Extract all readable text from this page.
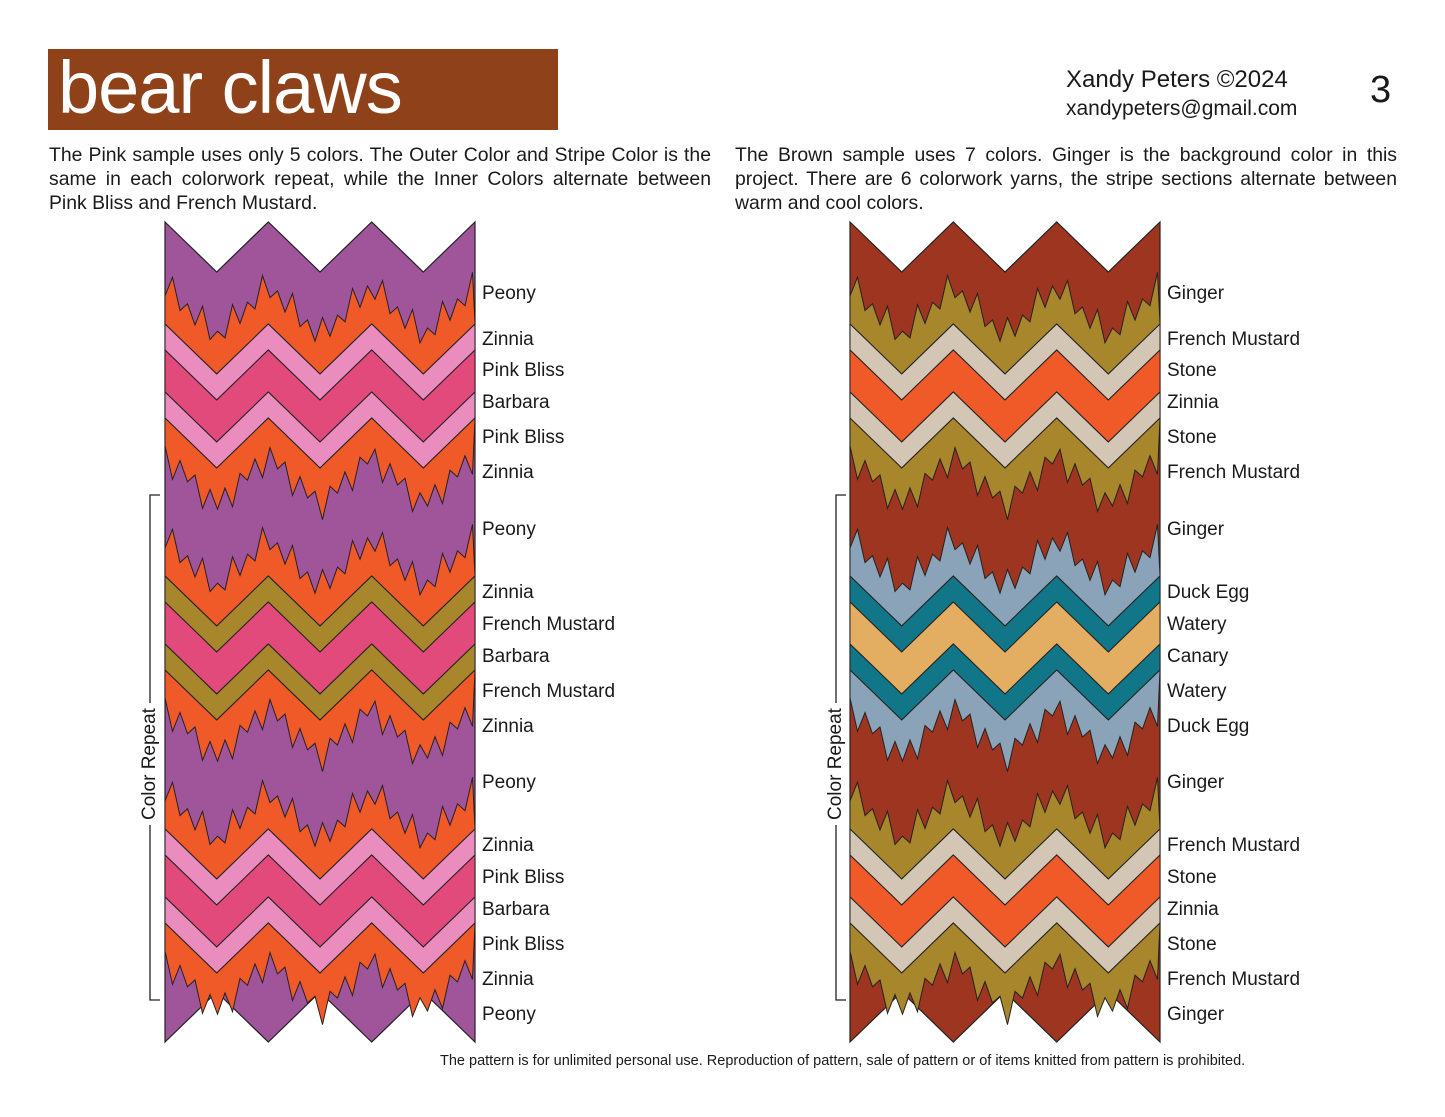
bear claws	Xandy Peters ©2024
xandypeters@gmail.com 3

The Pink sample uses only 5 colors. The Outer Color and Stripe Color is the same in each colorwork repeat, while the Inner Colors alternate between Pink Bliss and French Mustard.

The Brown sample uses 7 colors. Ginger is the background color in this project. There are 6 colorwork yarns, the stripe sections alternate between warm and cool colors.

Color Repeat	Color Repeat
Peony
Zinnia
Pink Bliss
Barbara
Pink Bliss
Zinnia
Peony
Zinnia
French Mustard
Barbara
French Mustard
Zinnia
Peony
Zinnia
Pink Bliss
Barbara
Pink Bliss
Zinnia
Peony
Ginger
French Mustard
Stone
Zinnia
Stone
French Mustard
Ginger
Duck Egg
Watery
Canary
Watery
Duck Egg
Ginger
French Mustard
Stone
Zinnia
Stone
French Mustard
Ginger
The pattern is for unlimited personal use. Reproduction of pattern, sale of pattern or of items knitted from pattern is prohibited.
